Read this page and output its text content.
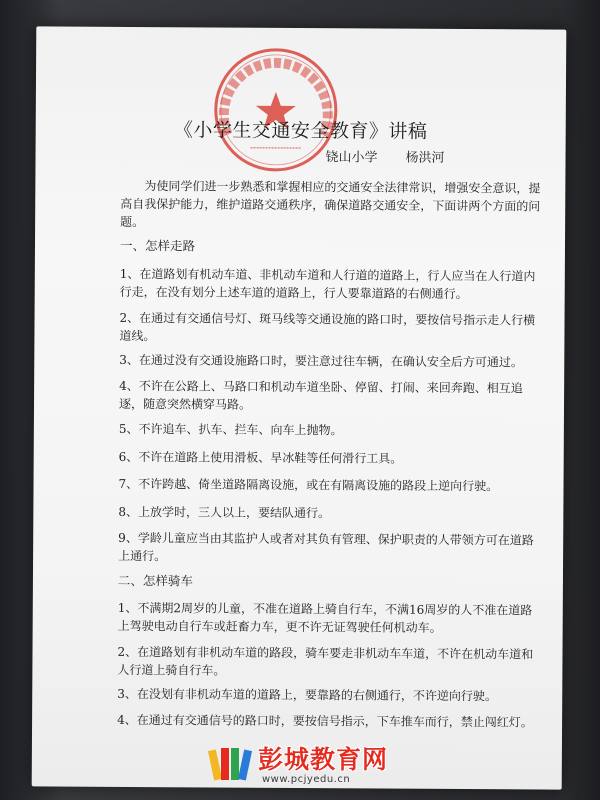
《小学生交通安全教育》讲稿
铙山小学 杨洪河

为使同学们进一步熟悉和掌握相应的交通安全法律常识，增强安全意识，提高自我保护能力，维护道路交通秩序，确保道路交通安全，下面讲两个方面的问题。

一、怎样走路

1、在道路划有机动车道、非机动车道和人行道的道路上，行人应当在人行道内行走，在没有划分上述车道的道路上，行人要靠道路的右侧通行。

2、在通过有交通信号灯、斑马线等交通设施的路口时，要按信号指示走人行横道线。

3、在通过没有交通设施路口时，要注意过往车辆，在确认安全后方可通过。

4、不许在公路上、马路口和机动车道坐卧、停留、打闹、来回奔跑、相互追逐，随意突然横穿马路。

5、不许追车、扒车、拦车、向车上抛物。

6、不许在道路上使用滑板、旱冰鞋等任何滑行工具。

7、不许跨越、倚坐道路隔离设施，或在有隔离设施的路段上逆向行驶。

8、上放学时，三人以上，要结队通行。

9、学龄儿童应当由其监护人或者对其负有管理、保护职责的人带领方可在道路上通行。

二、怎样骑车

1、不满期2周岁的儿童，不准在道路上骑自行车，不满16周岁的人不准在道路上驾驶电动自行车或赶畜力车，更不许无证驾驶任何机动车。

2、在道路划有非机动车道的路段，骑车要走非机动车车道，不许在机动车道和人行道上骑自行车。

3、在没划有非机动车道的道路上，要靠路的右侧通行，不许逆向行驶。

4、在通过有交通信号的路口时，要按信号指示，下车推车而行，禁止闯红灯。

彭城教育网
www.pcjyedu.cn
